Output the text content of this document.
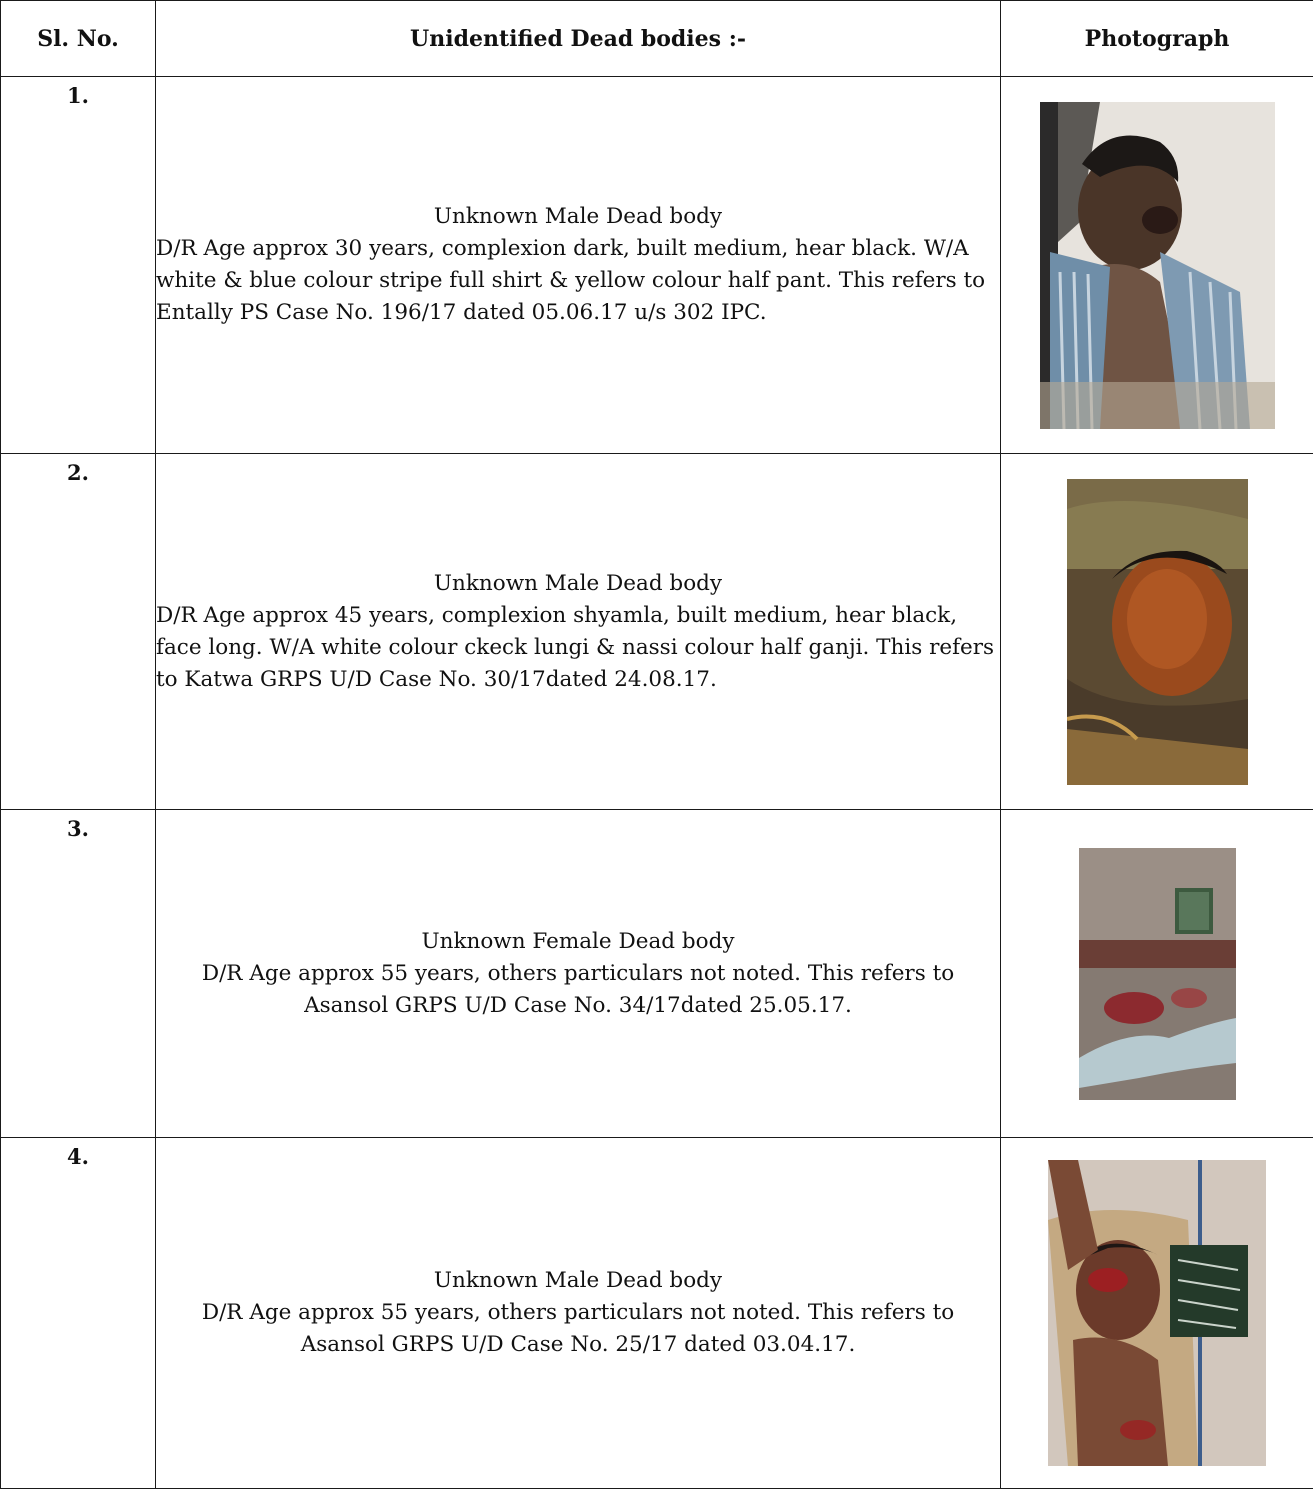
Sl. No.	Unidentified Dead bodies :-	Photograph

1.	Unknown Male Dead body
D/R Age approx 30 years, complexion dark, built medium, hear black. W/A white & blue colour stripe full shirt & yellow colour half pant. This refers to Entally PS Case No. 196/17 dated 05.06.17 u/s 302 IPC.	

2.	Unknown Male Dead body
D/R Age approx 45 years, complexion shyamla, built medium, hear black, face long. W/A white colour ckeck lungi & nassi colour half ganji. This refers to Katwa GRPS U/D Case No. 30/17dated 24.08.17.	

3.	Unknown Female Dead body
D/R Age approx 55 years, others particulars not noted. This refers to Asansol GRPS U/D Case No. 34/17dated 25.05.17.	

4.	Unknown Male Dead body
D/R Age approx 55 years, others particulars not noted. This refers to Asansol GRPS U/D Case No. 25/17 dated 03.04.17.	
